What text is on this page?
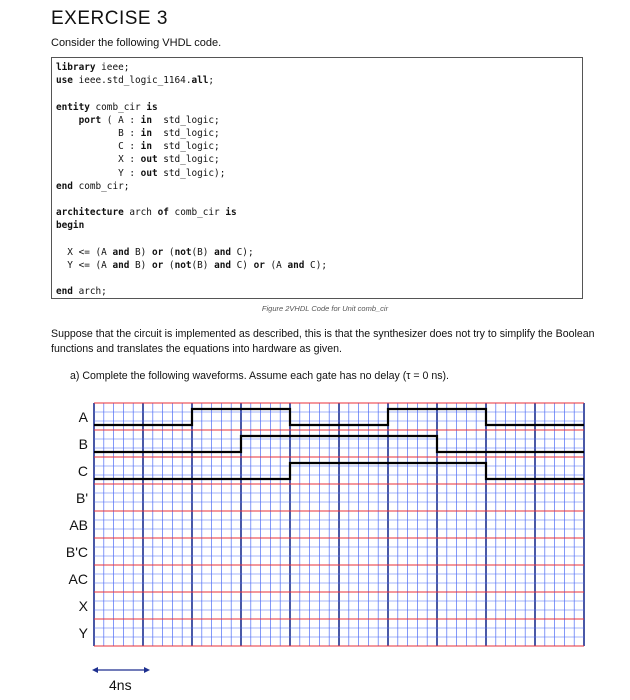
EXERCISE 3
Consider the following VHDL code.
library ieee;
use ieee.std_logic_1164.all;

entity comb_cir is
port ( A : in  std_logic;
B : in  std_logic;
C : in  std_logic;
X : out std_logic;
Y : out std_logic);
end comb_cir;

architecture arch of comb_cir is
begin

X <= (A and B) or (not(B) and C);
Y <= (A and B) or (not(B) and C) or (A and C);

end arch;

Figure 2VHDL Code for Unit comb_cir
Suppose that the circuit is implemented as described, this is that the synthesizer does not try to simplify the Boolean functions and translates the equations into hardware as given.
a) Complete the following waveforms. Assume each gate has no delay (τ = 0 ns).
A
B
C
B'
AB
B'C
AC
X
Y
4ns
